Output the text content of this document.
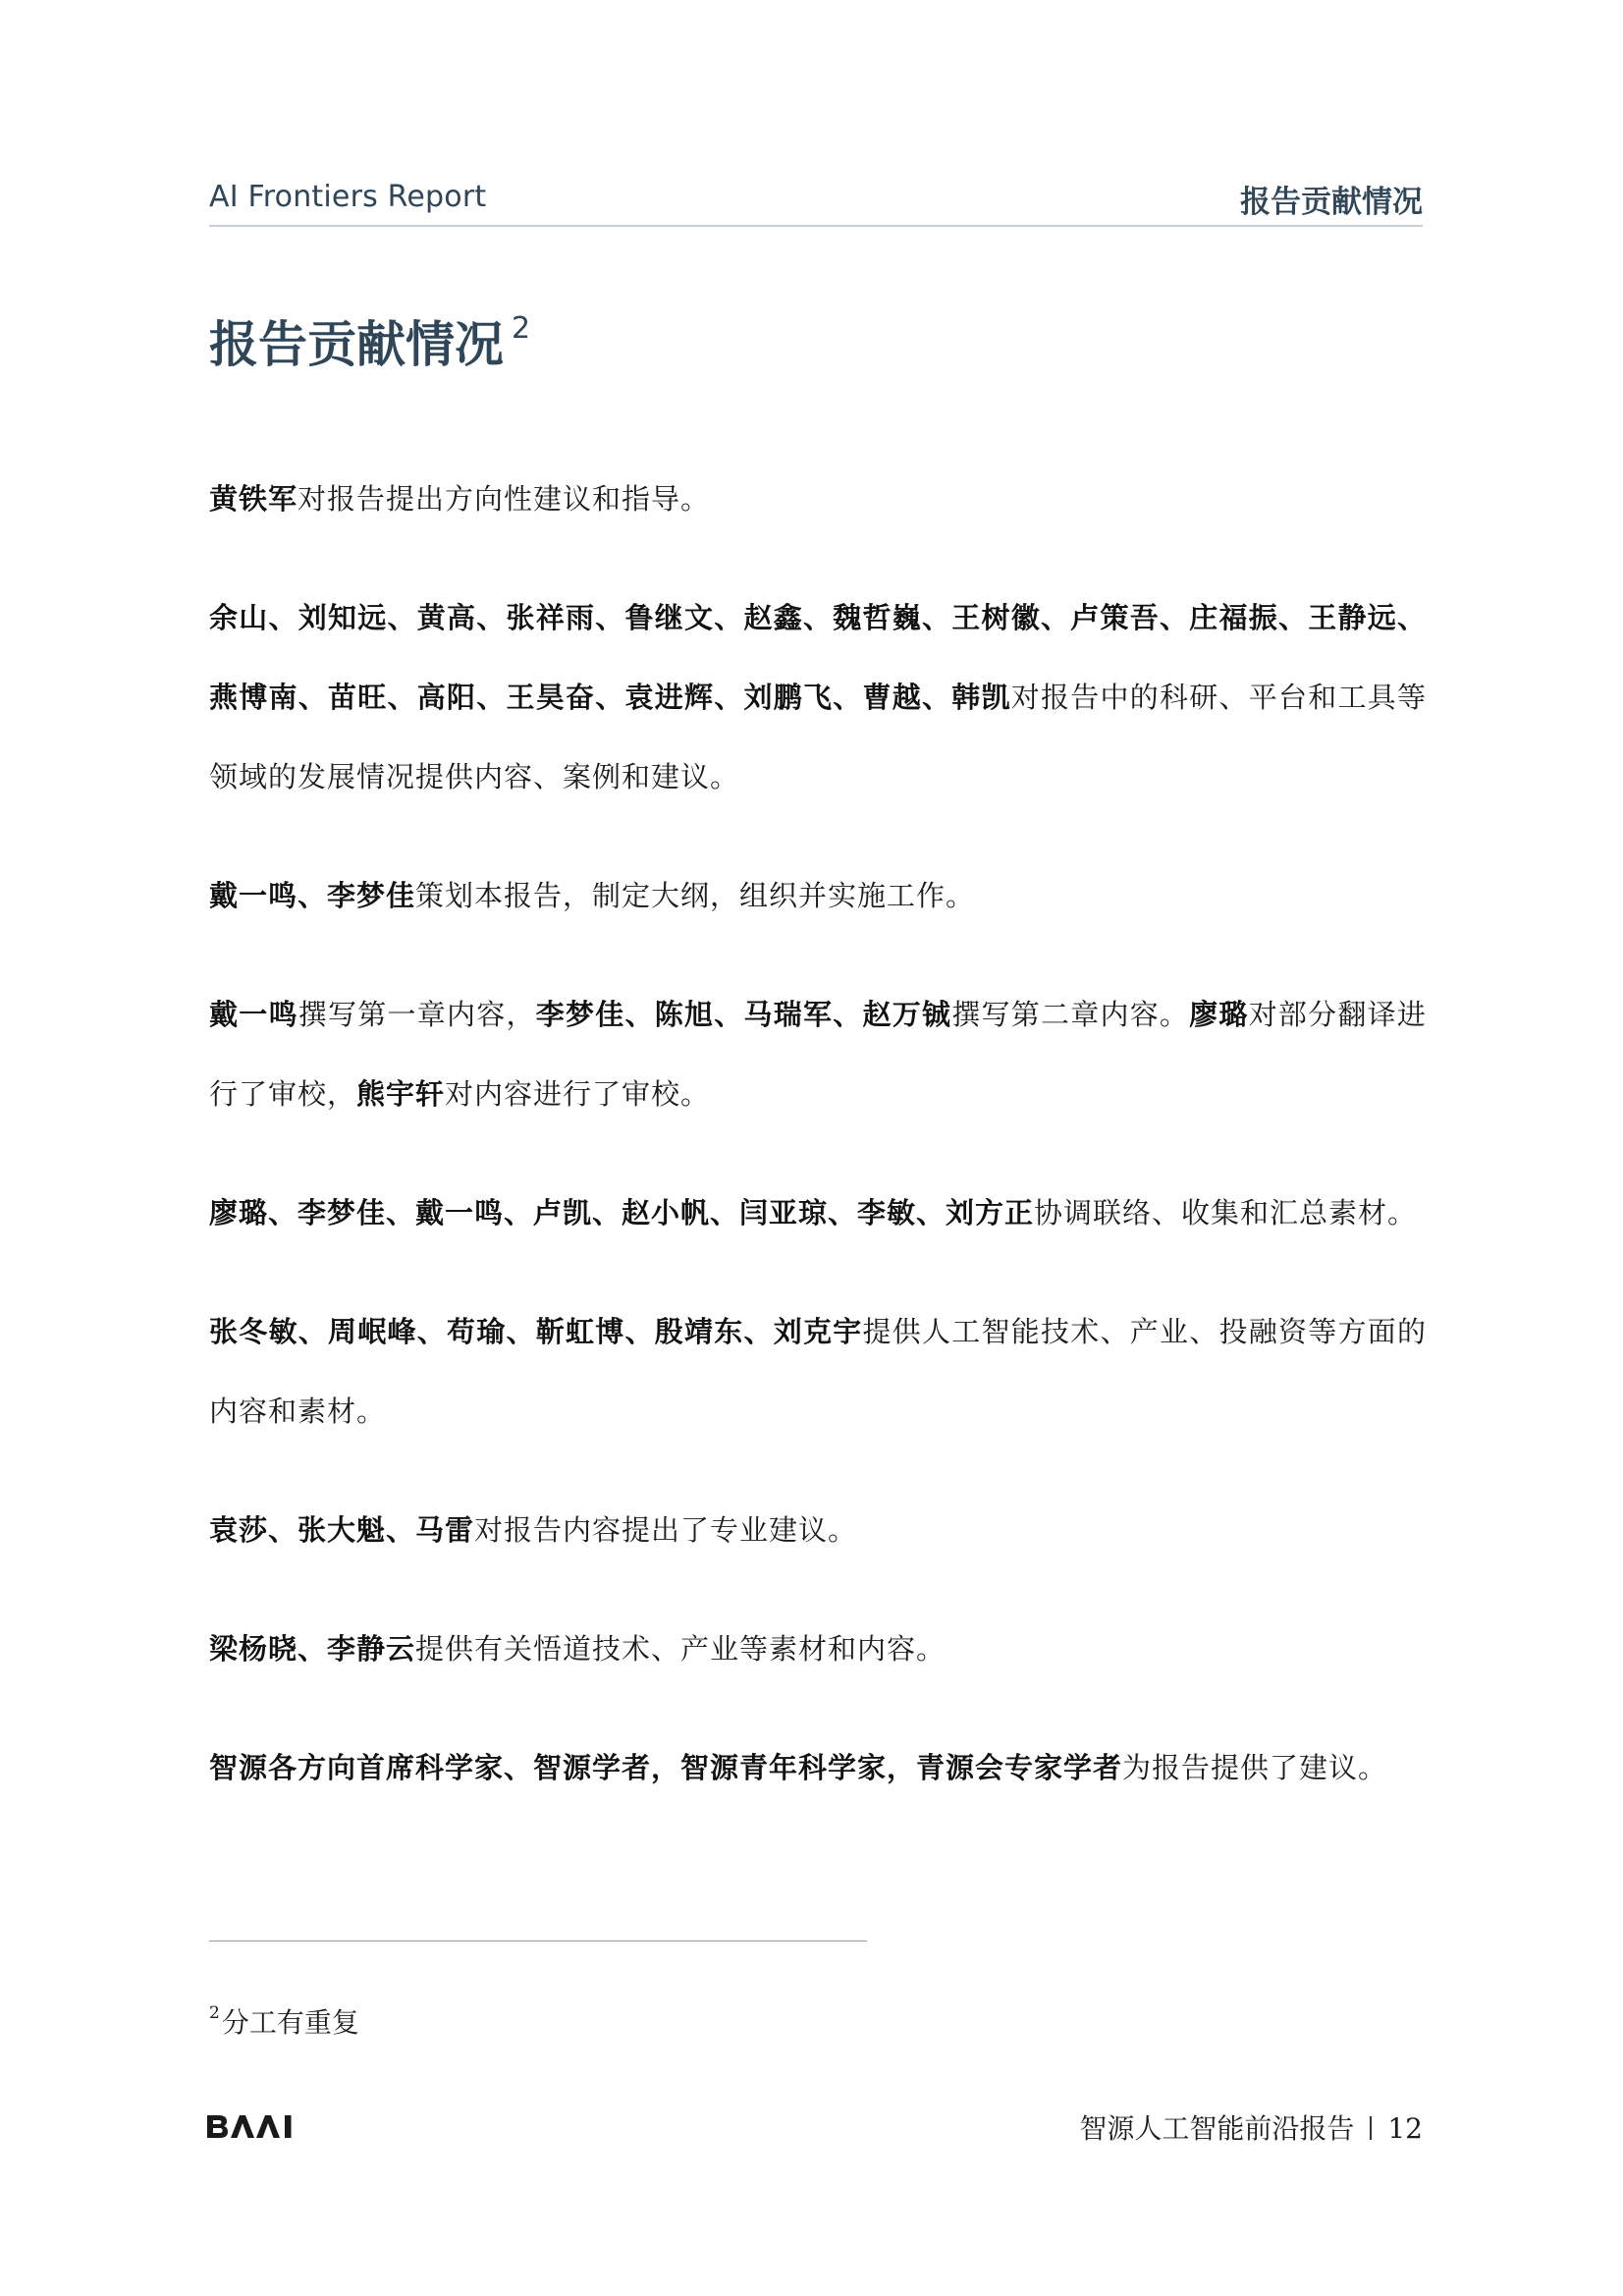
AI Frontiers Report	报告贡献情况
报告贡献情况 $^2$

黄铁军对报告提出方向性建议和指导。

余山、刘知远、黄高、张祥雨、鲁继文、赵鑫、魏哲巍、王树徽、卢策吾、庄福振、王静远、燕博南、苗旺、高阳、王昊奋、袁进辉、刘鹏飞、曹越、韩凯对报告中的科研、平台和工具等领域的发展情况提供内容、案例和建议。

戴一鸣、李梦佳策划本报告，制定大纲，组织并实施工作。

戴一鸣撰写第一章内容，李梦佳、陈旭、马瑞军、赵万铖撰写第二章内容。廖璐对部分翻译进行了审校，熊宇轩对内容进行了审校。

廖璐、李梦佳、戴一鸣、卢凯、赵小帆、闫亚琼、李敏、刘方正协调联络、收集和汇总素材。

张冬敏、周岷峰、苟瑜、靳虹博、殷靖东、刘克宇提供人工智能技术、产业、投融资等方面的内容和素材。

袁莎、张大魁、马雷对报告内容提出了专业建议。

梁杨晓、李静云提供有关悟道技术、产业等素材和内容。

智源各方向首席科学家、智源学者，智源青年科学家，青源会专家学者为报告提供了建议。

$^2$分工有重复
智源人工智能前沿报告 12
